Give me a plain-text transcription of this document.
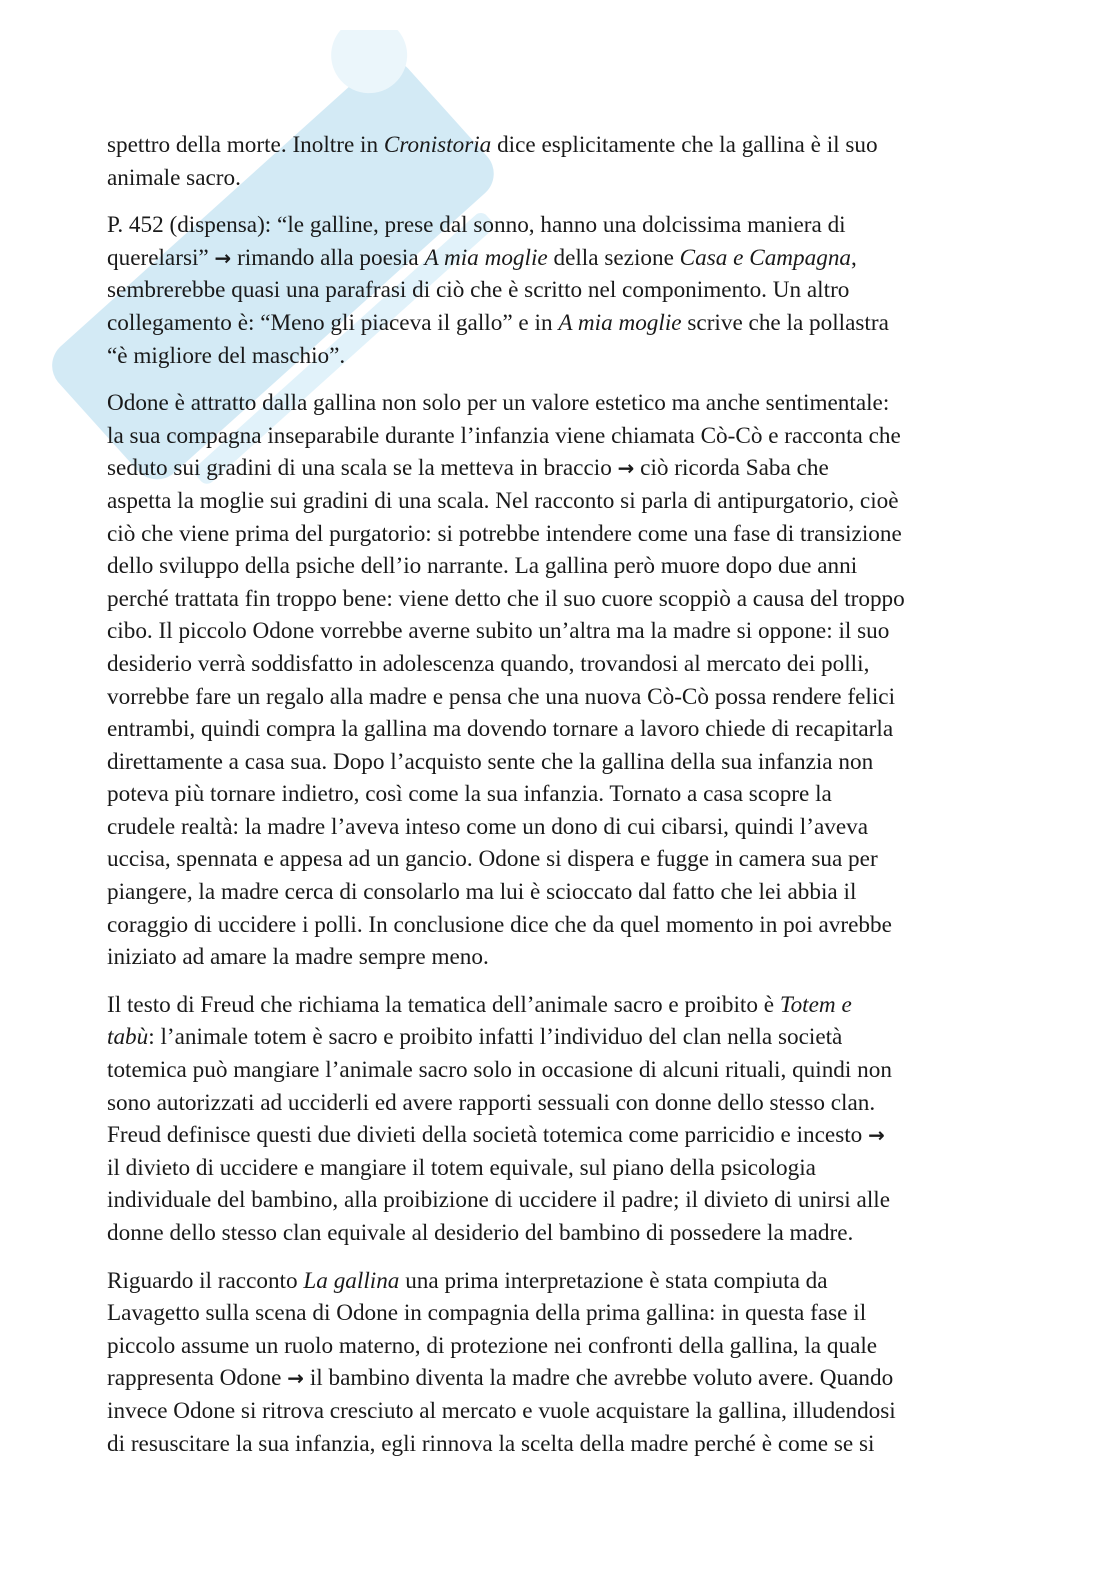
spettro della morte. Inoltre in Cronistoria dice esplicitamente che la gallina è il suo
animale sacro.
P. 452 (dispensa): “le galline, prese dal sonno, hanno una dolcissima maniera di
querelarsi” → rimando alla poesia A mia moglie della sezione Casa e Campagna,
sembrerebbe quasi una parafrasi di ciò che è scritto nel componimento. Un altro
collegamento è: “Meno gli piaceva il gallo” e in A mia moglie scrive che la pollastra
“è migliore del maschio”.
Odone è attratto dalla gallina non solo per un valore estetico ma anche sentimentale:
la sua compagna inseparabile durante l’infanzia viene chiamata Cò-Cò e racconta che
seduto sui gradini di una scala se la metteva in braccio → ciò ricorda Saba che
aspetta la moglie sui gradini di una scala. Nel racconto si parla di antipurgatorio, cioè
ciò che viene prima del purgatorio: si potrebbe intendere come una fase di transizione
dello sviluppo della psiche dell’io narrante. La gallina però muore dopo due anni
perché trattata fin troppo bene: viene detto che il suo cuore scoppiò a causa del troppo
cibo. Il piccolo Odone vorrebbe averne subito un’altra ma la madre si oppone: il suo
desiderio verrà soddisfatto in adolescenza quando, trovandosi al mercato dei polli,
vorrebbe fare un regalo alla madre e pensa che una nuova Cò-Cò possa rendere felici
entrambi, quindi compra la gallina ma dovendo tornare a lavoro chiede di recapitarla
direttamente a casa sua. Dopo l’acquisto sente che la gallina della sua infanzia non
poteva più tornare indietro, così come la sua infanzia. Tornato a casa scopre la
crudele realtà: la madre l’aveva inteso come un dono di cui cibarsi, quindi l’aveva
uccisa, spennata e appesa ad un gancio. Odone si dispera e fugge in camera sua per
piangere, la madre cerca di consolarlo ma lui è scioccato dal fatto che lei abbia il
coraggio di uccidere i polli. In conclusione dice che da quel momento in poi avrebbe
iniziato ad amare la madre sempre meno.
Il testo di Freud che richiama la tematica dell’animale sacro e proibito è Totem e
tabù: l’animale totem è sacro e proibito infatti l’individuo del clan nella società
totemica può mangiare l’animale sacro solo in occasione di alcuni rituali, quindi non
sono autorizzati ad ucciderli ed avere rapporti sessuali con donne dello stesso clan.
Freud definisce questi due divieti della società totemica come parricidio e incesto →
il divieto di uccidere e mangiare il totem equivale, sul piano della psicologia
individuale del bambino, alla proibizione di uccidere il padre; il divieto di unirsi alle
donne dello stesso clan equivale al desiderio del bambino di possedere la madre.
Riguardo il racconto La gallina una prima interpretazione è stata compiuta da
Lavagetto sulla scena di Odone in compagnia della prima gallina: in questa fase il
piccolo assume un ruolo materno, di protezione nei confronti della gallina, la quale
rappresenta Odone → il bambino diventa la madre che avrebbe voluto avere. Quando
invece Odone si ritrova cresciuto al mercato e vuole acquistare la gallina, illudendosi
di resuscitare la sua infanzia, egli rinnova la scelta della madre perché è come se si
